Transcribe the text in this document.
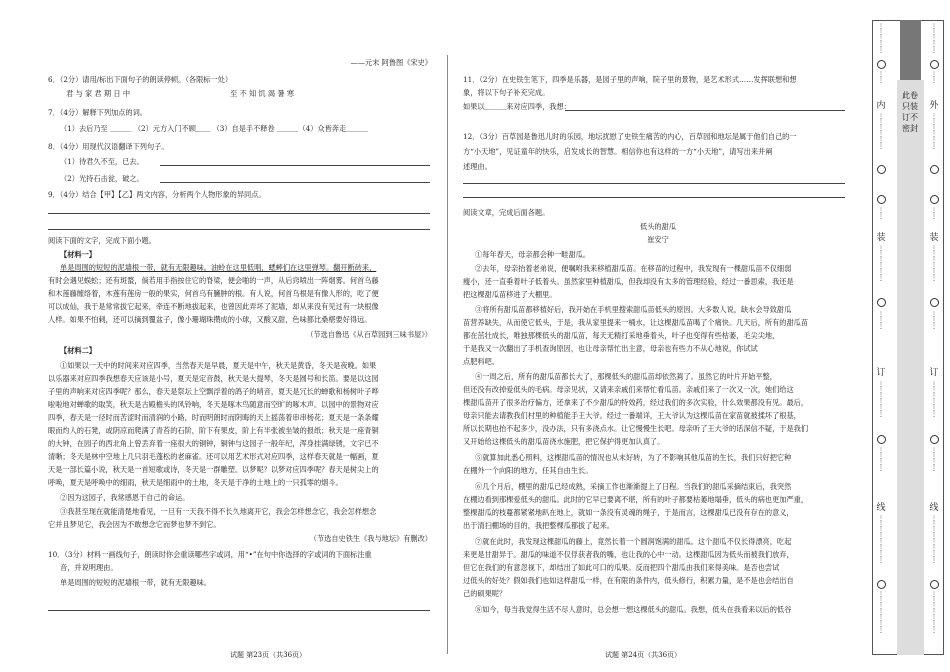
——元末 阿鲁图《宋史》
6．（2分）请用/标出下面句子的朗读停顿。（各限标一处）
君 与 家 君 期 日 中	至 不 知 饥 渴 暑 寒
7．（4分）解释下列加点的词。
（1）去后乃至 ＿＿＿ （2）元方入门不顾＿＿ （3）自是手不释卷 ＿＿＿（4）众皆奔走＿＿＿
8．（4分）用现代汉语翻译下列句子。
（1）待君久不至，已去。
（2）光持石击瓮，破之。
9．（4分）结合【甲】【乙】两文内容，分析两个人物形象的异同点。
阅读下面的文字，完成下面小题。
【材料一】
单是周围的短短的泥墙根一带，就有无限趣味。油蛉在这里低唱，蟋蟀们在这里弹琴。翻开断砖来，
有时会遇见蜈蚣；还有斑蝥，倘若用手指按住它的脊梁，便会啪的一声，从后窍喷出一阵烟雾。何首乌藤
和木莲藤缠络着，木莲有莲房一般的果实，何首乌有臃肿的根。有人说，何首乌根是有像人形的，吃了便
可以成仙，我于是常常拔它起来，牵连不断地拔起来，也曾因此弄坏了泥墙，却从来没有见过有一块根像
人样。如果不怕刺，还可以摘到覆盆子，像小珊瑚珠攒成的小球，又酸又甜，色味都比桑椹要好得远。
（节选自鲁迅《从百草园到三味书屋》）
【材料二】
①如果以一天中的时间来对应四季，当然春天是早晨，夏天是中午，秋天是黄昏，冬天是夜晚。如果
以乐器来对应四季我想春天应该是小号，夏天是定音鼓，秋天是大提琴，冬天是圆号和长笛。要是以这园
子里的声响来对应四季呢？那么，春天是祭坛上空飘浮着的鸽子的哨音，夏天是冗长的蝉歌和杨树叶子哗
啦啦地对蝉歌的取笑，秋天是古殿檐头的风铃响，冬天是啄木鸟随意而空旷的啄木声。以园中的景物对应
四季，春天是一径时而苦涩时而清润的小路，时而明朗时而阴晦的天上摇荡着串串杨花；夏天是一条条耀
眼而灼人的石凳，或阴凉而爬满了青苔的石阶，阶下有果皮，阶上有半张被坐皱的报纸；秋天是一座青铜
的大钟，在园子的西北角上曾丢弃着一座很大的铜钟，铜钟与这园子一般年纪，浑身挂满绿锈，文字已不
清晰；冬天是林中空地上几只羽毛蓬松的老麻雀。还可以用艺术形式对应四季，这样春天就是一幅画，夏
天是一部长篇小说，秋天是一首短歌或诗，冬天是一群雕塑。以梦呢？以梦对应四季呢？春天是树尖上的
呼唤，夏天是呼唤中的细雨，秋天是细雨中的土地，冬天是干净的土地上的一只孤零的烟斗。
②因为这园子，我常感恩于自己的命运。
③我甚至现在就能清楚地看见，一旦有一天我不得不长久地离开它，我会怎样想念它，我会怎样想念
它并且梦见它，我会因为不敢想念它而梦也梦不到它。
（节选自史铁生《我与地坛》有删改）
10．（3分）材料一画线句子，朗读时你会重读哪些字或词，用“•”在句中你选择的字或词的下面标注重
音，并说明理由。
单是周围的短短的泥墙根一带，就有无限趣味。
试题 第23页（共36页）
11．（2分）在史铁生笔下，四季是乐器，是园子里的声响，院子里的景物，是艺术形式……发挥联想和想
象，将以下句子补充完成。
如果以＿＿＿来对应四季，我想：
12．（3分）百草园是鲁迅儿时的乐园，地坛扰慰了史铁生痛苦的内心，百草园和地坛是属于他们自己的一
方“小天地”，见证童年的快乐，启发成长的智慧。相信你也有这样的一方“小天地”，请写出来并阐
述理由。
阅读文章，完成后面各题。
低头的甜瓜
崔安宁
①每年春天，母亲都会种一畦甜瓜。
②去年，母亲抬着老弟说，便嘱咐我来移植甜瓜苗。在移苗的过程中，我发现有一棵甜瓜苗不仅细弱
瘦小，还一直垂着叶子低着头。虽然家里种植甜瓜，但我却没有太多的管理经验，经过一番思索，我还是
把这棵甜瓜苗移进了大棚里。
③将所有甜瓜苗都移植好后，我开始在手机里搜索甜瓜苗低头的原因。大多数人说，缺水会导致甜瓜
苗营养缺失，从而使它低头，于是，我从家里提来一桶水，让这棵甜瓜苗喝了个痛快。几天后，所有的甜瓜苗
都在茁壮成长，唯独那棵低头的甜瓜苗，每天无精打采地垂着头，叶子也变得有些枯萎，毛尖尖地，
于是我又一次翻出了手机查询原因，也让母亲帮忙出主意，母亲也有些力不从心地说，你试试
点肥料吧。
④一周之后，所有的甜瓜苗都长大了，那棵低头的甜瓜苗却依然蔫了。虽然它的叶片开始平整，
但还没有改掉爱低头的毛病。母亲见状，又请来亲戚们来帮忙看瓜苗。亲戚们来了一次又一次，她们给这
棵甜瓜苗开了很多治疗偏方，还拿来了不少甜瓜的特效药，经过我们的多次实验，什么效果都没有见。最后，
母亲只能去请教我们村里的种植能手王大爷。经过一番端详，王大爷认为这棵瓜苗在家苗就被揉坏了根基，
所以长期也抬不起多少，没办法，只有多浇点水。让它慢慢生长吧。母亲听了王大爷的话深信不疑，于是我们
又开始给这棵低头的甜瓜苗浇水施肥，把它保护得更加认真了。
⑤就算加此悉心照料，这棵甜瓜苗的情况也从未好转，为了不影响其他瓜苗的生长，我们只好把它种
在棚外一个向阳的地方，任其自由生长。
⑥几个月后，棚里的甜瓜已经成熟，采摘工作也渐渐提上了日程。当我们的甜瓜采摘结束后，我突然
在棚边看到那棵爱低头的甜瓜。此时的它早已要离不堪，所有的叶子都要枯萎地塌垂，低头的病也更加严重，
整棵甜瓜的枝蔓都紧紧地趴在地上，就如一条没有灵魂的绳子，于是而言，这棵甜瓜已没有存在的意义，
出于清扫棚场的目的，我把整棵瓜都拔了起来。
⑦就在此时，我发现这棵甜瓜的藤上，竟然长着一个圆润饱满的甜瓜。这个甜瓜不仅长得漂亮，吃起
来更是甘甜异于。甜瓜的味道不仅俘获者我的嘴，也让我的心中一动。这棵甜瓜因为低头而被我们放弃，
但它在我们的有意忽视下，却结出了如此可口的瓜果。反而把四个甜瓜由我们来得美味。是否也尝试
过低头的好处？假如我们也如这样甜瓜一样，在有限的条件内，低头修行，积累力量，是不是也会结出自
己的硕果呢？
⑧如今，每当我觉得生活不尽人意时，总会想一想这棵低头的甜瓜。我想，低头在我看来以后的低谷
试题 第24页（共36页）
此卷只装订不密封
⋮
⋮
⋮
⋮
⋮
⋮
⋮
内
⋮
⋮
⋮
⋮
⋮
⋮
⋮
⋮
装
⋮
⋮
⋮
⋮
⋮
⋮
⋮
⋮
⋮
订
⋮
⋮
⋮
⋮
⋮
⋮
⋮
⋮
⋮
⋮
线
⋮
⋮
⋮
⋮
⋮
⋮
⋮
⋮
⋮
⋮
⋮
⋮
⋮
⋮
⋮
⋮
⋮
⋮
⋮
⋮
⋮
⋮
外
⋮
⋮
⋮
⋮
⋮
⋮
⋮
⋮
装
⋮
⋮
⋮
⋮
⋮
⋮
⋮
⋮
⋮
订
⋮
⋮
⋮
⋮
⋮
⋮
⋮
⋮
⋮
⋮
线
⋮
⋮
⋮
⋮
⋮
⋮
⋮
⋮
⋮
⋮
⋮
⋮
⋮
⋮
⋮
